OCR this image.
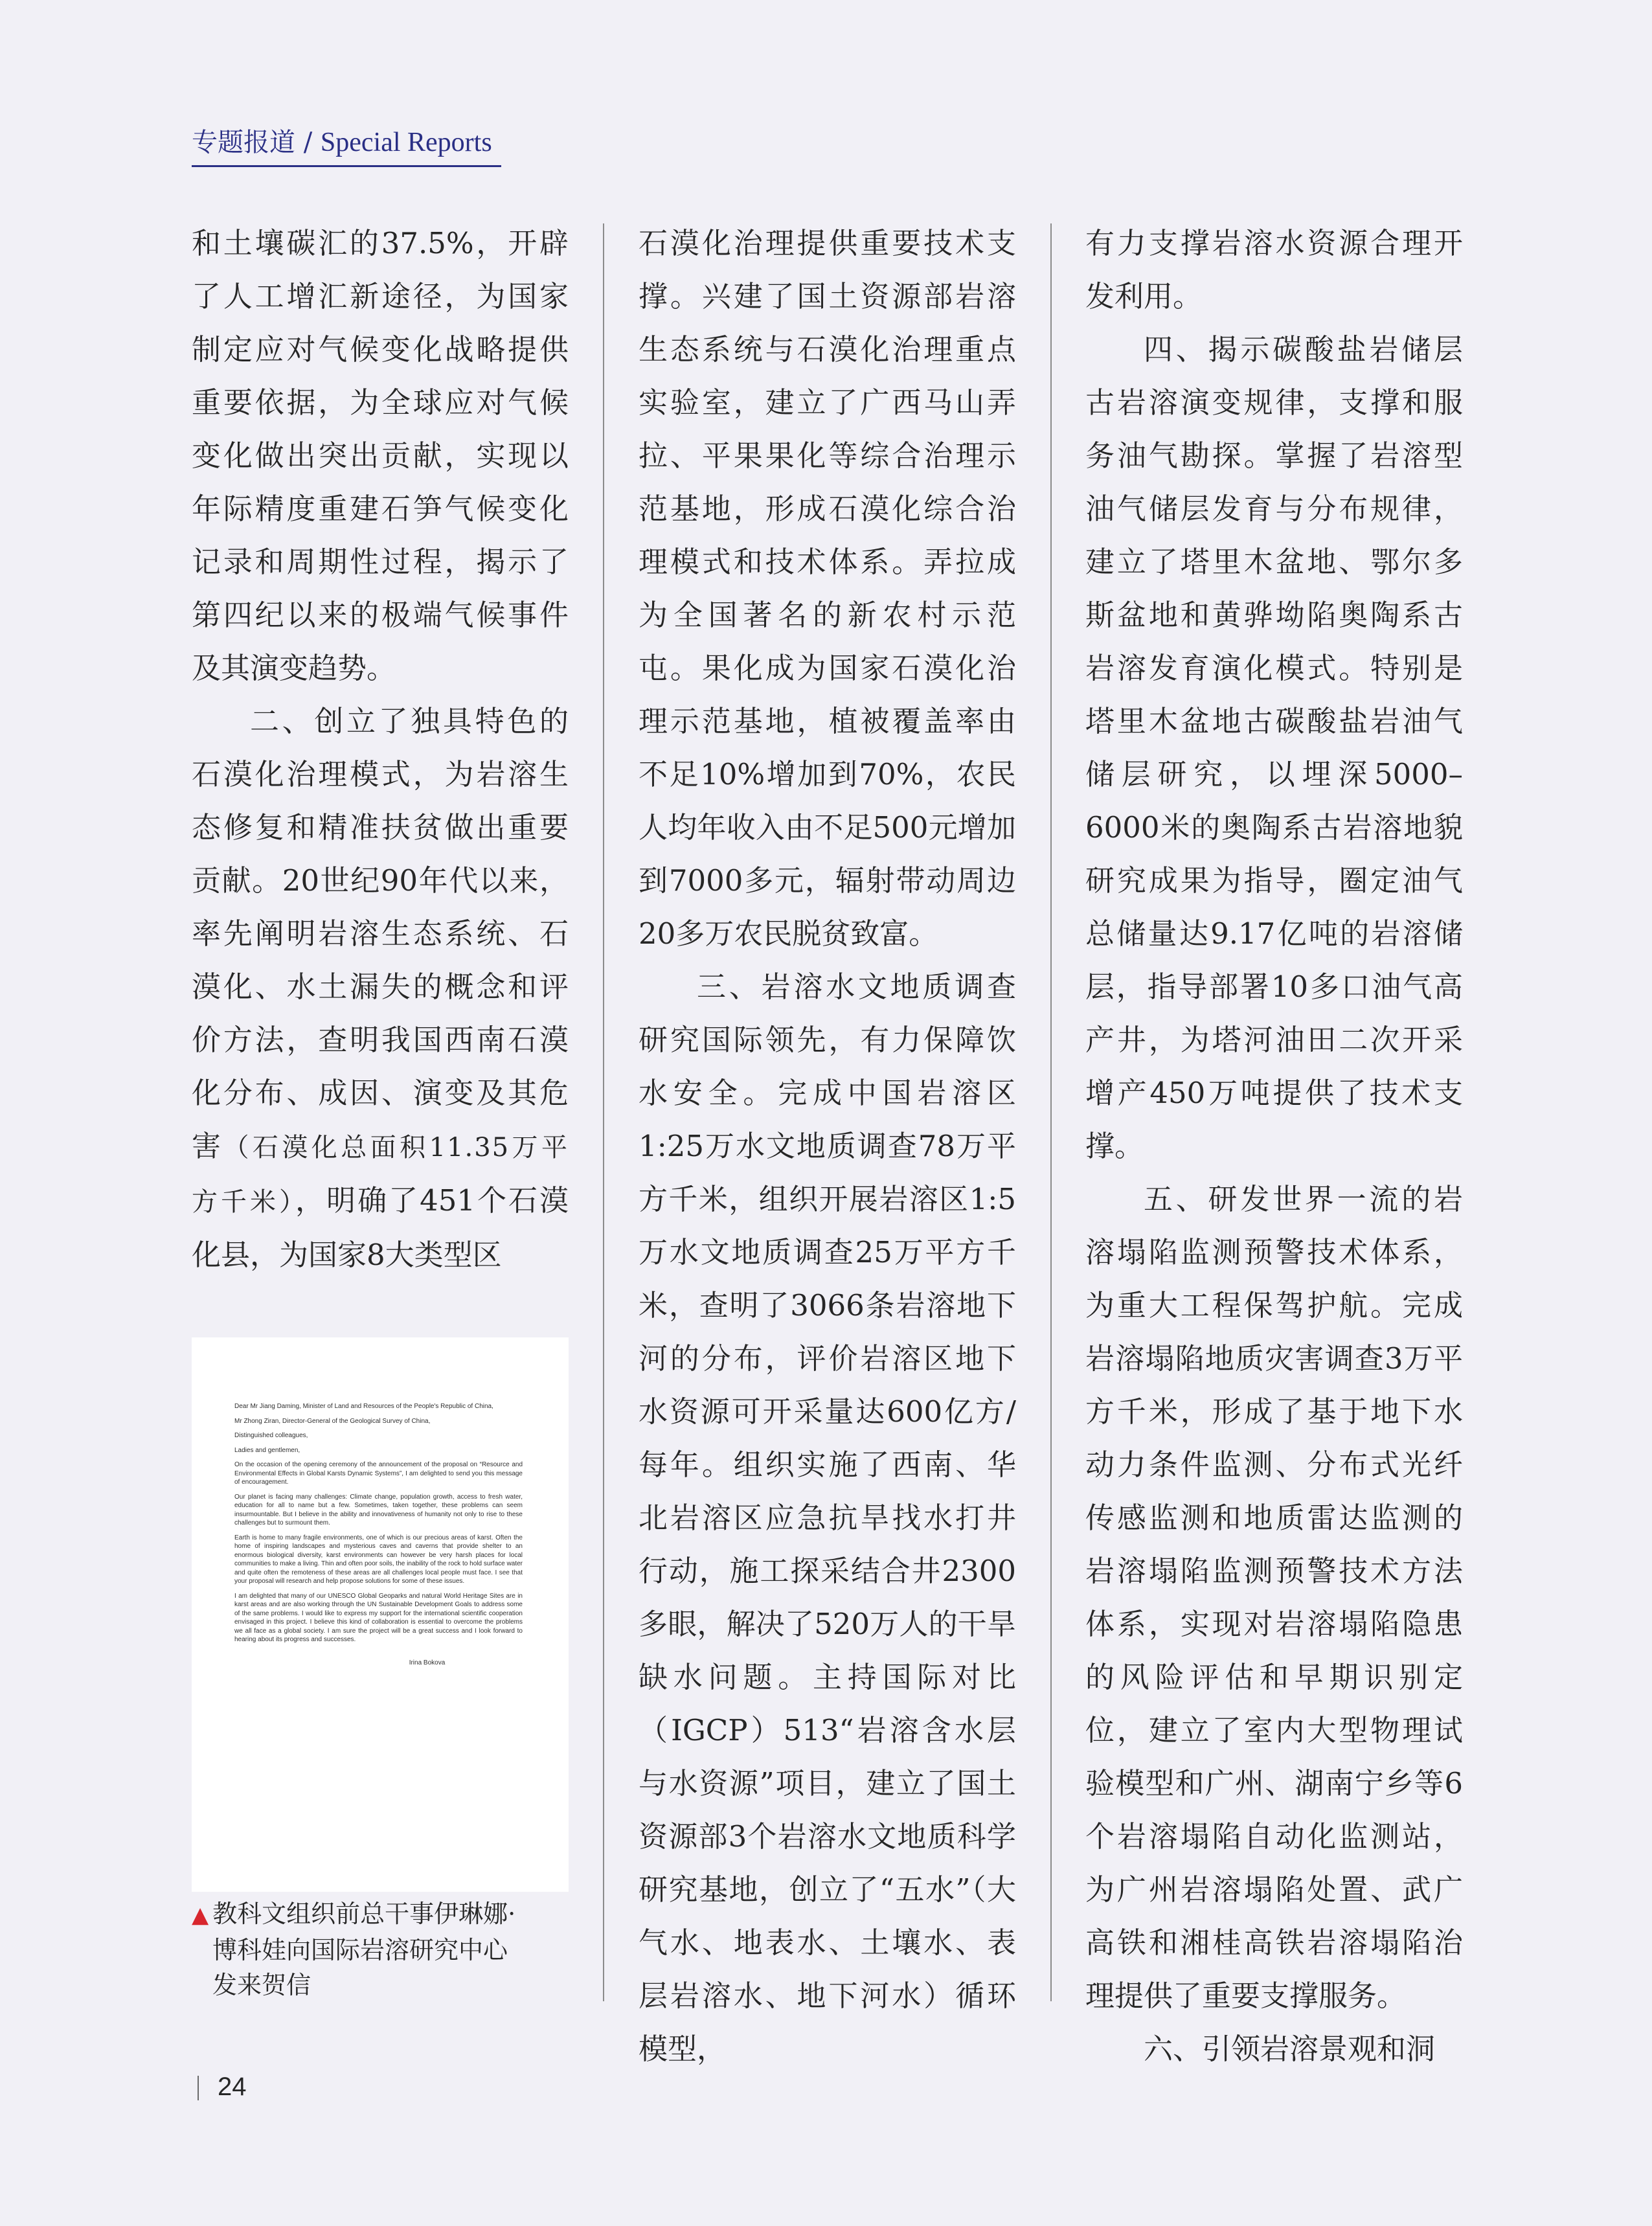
专题报道 / Special Reports

和土壤碳汇的37.5%，开辟了人工增汇新途径，为国家制定应对气候变化战略提供重要依据，为全球应对气候变化做出突出贡献，实现以年际精度重建石笋气候变化记录和周期性过程，揭示了第四纪以来的极端气候事件及其演变趋势。

二、创立了独具特色的石漠化治理模式，为岩溶生态修复和精准扶贫做出重要贡献。20世纪90年代以来，率先阐明岩溶生态系统、石漠化、水土漏失的概念和评价方法，查明我国西南石漠化分布、成因、演变及其危害（石漠化总面积11.35万平方千米），明确了451个石漠化县，为国家8大类型区

石漠化治理提供重要技术支撑。兴建了国土资源部岩溶生态系统与石漠化治理重点实验室，建立了广西马山弄拉、平果果化等综合治理示范基地，形成石漠化综合治理模式和技术体系。弄拉成为全国著名的新农村示范屯。果化成为国家石漠化治理示范基地，植被覆盖率由不足10%增加到70%，农民人均年收入由不足500元增加到7000多元，辐射带动周边20多万农民脱贫致富。

三、岩溶水文地质调查研究国际领先，有力保障饮水安全。完成中国岩溶区1:25万水文地质调查78万平方千米，组织开展岩溶区1:5万水文地质调查25万平方千米，查明了3066条岩溶地下河的分布，评价岩溶区地下水资源可开采量达600亿方/每年。组织实施了西南、华北岩溶区应急抗旱找水打井行动，施工探采结合井2300多眼，解决了520万人的干旱缺水问题。主持国际对比（IGCP）513“岩溶含水层与水资源”项目，建立了国土资源部3个岩溶水文地质科学研究基地，创立了“五水”（大气水、地表水、土壤水、表层岩溶水、地下河水）循环模型，

有力支撑岩溶水资源合理开发利用。

四、揭示碳酸盐岩储层古岩溶演变规律，支撑和服务油气勘探。掌握了岩溶型油气储层发育与分布规律，建立了塔里木盆地、鄂尔多斯盆地和黄骅坳陷奥陶系古岩溶发育演化模式。特别是塔里木盆地古碳酸盐岩油气储层研究，以埋深5000–6000米的奥陶系古岩溶地貌研究成果为指导，圈定油气总储量达9.17亿吨的岩溶储层，指导部署10多口油气高产井，为塔河油田二次开采增产450万吨提供了技术支撑。

五、研发世界一流的岩溶塌陷监测预警技术体系，为重大工程保驾护航。完成岩溶塌陷地质灾害调查3万平方千米，形成了基于地下水动力条件监测、分布式光纤传感监测和地质雷达监测的岩溶塌陷监测预警技术方法体系，实现对岩溶塌陷隐患的风险评估和早期识别定位，建立了室内大型物理试验模型和广州、湖南宁乡等6个岩溶塌陷自动化监测站，为广州岩溶塌陷处置、武广高铁和湘桂高铁岩溶塌陷治理提供了重要支撑服务。

六、引领岩溶景观和洞

Dear Mr Jiang Daming, Minister of Land and Resources of the People's Republic of China,

Mr Zhong Ziran, Director-General of the Geological Survey of China,

Distinguished colleagues,

Ladies and gentlemen,

On the occasion of the opening ceremony of the announcement of the proposal on “Resource and Environmental Effects in Global Karsts Dynamic Systems”, I am delighted to send you this message of encouragement.

Our planet is facing many challenges: Climate change, population growth, access to fresh water, education for all to name but a few. Sometimes, taken together, these problems can seem insurmountable. But I believe in the ability and innovativeness of humanity not only to rise to these challenges but to surmount them.

Earth is home to many fragile environments, one of which is our precious areas of karst. Often the home of inspiring landscapes and mysterious caves and caverns that provide shelter to an enormous biological diversity, karst environments can however be very harsh places for local communities to make a living. Thin and often poor soils, the inability of the rock to hold surface water and quite often the remoteness of these areas are all challenges local people must face. I see that your proposal will research and help propose solutions for some of these issues.

I am delighted that many of our UNESCO Global Geoparks and natural World Heritage Sites are in karst areas and are also working through the UN Sustainable Development Goals to address some of the same problems. I would like to express my support for the international scientific cooperation envisaged in this project. I believe this kind of collaboration is essential to overcome the problems we all face as a global society. I am sure the project will be a great success and I look forward to hearing about its progress and successes.

Irina Bokova

▲ 教科文组织前总干事伊琳娜·
博科娃向国际岩溶研究中心
发来贺信
24
